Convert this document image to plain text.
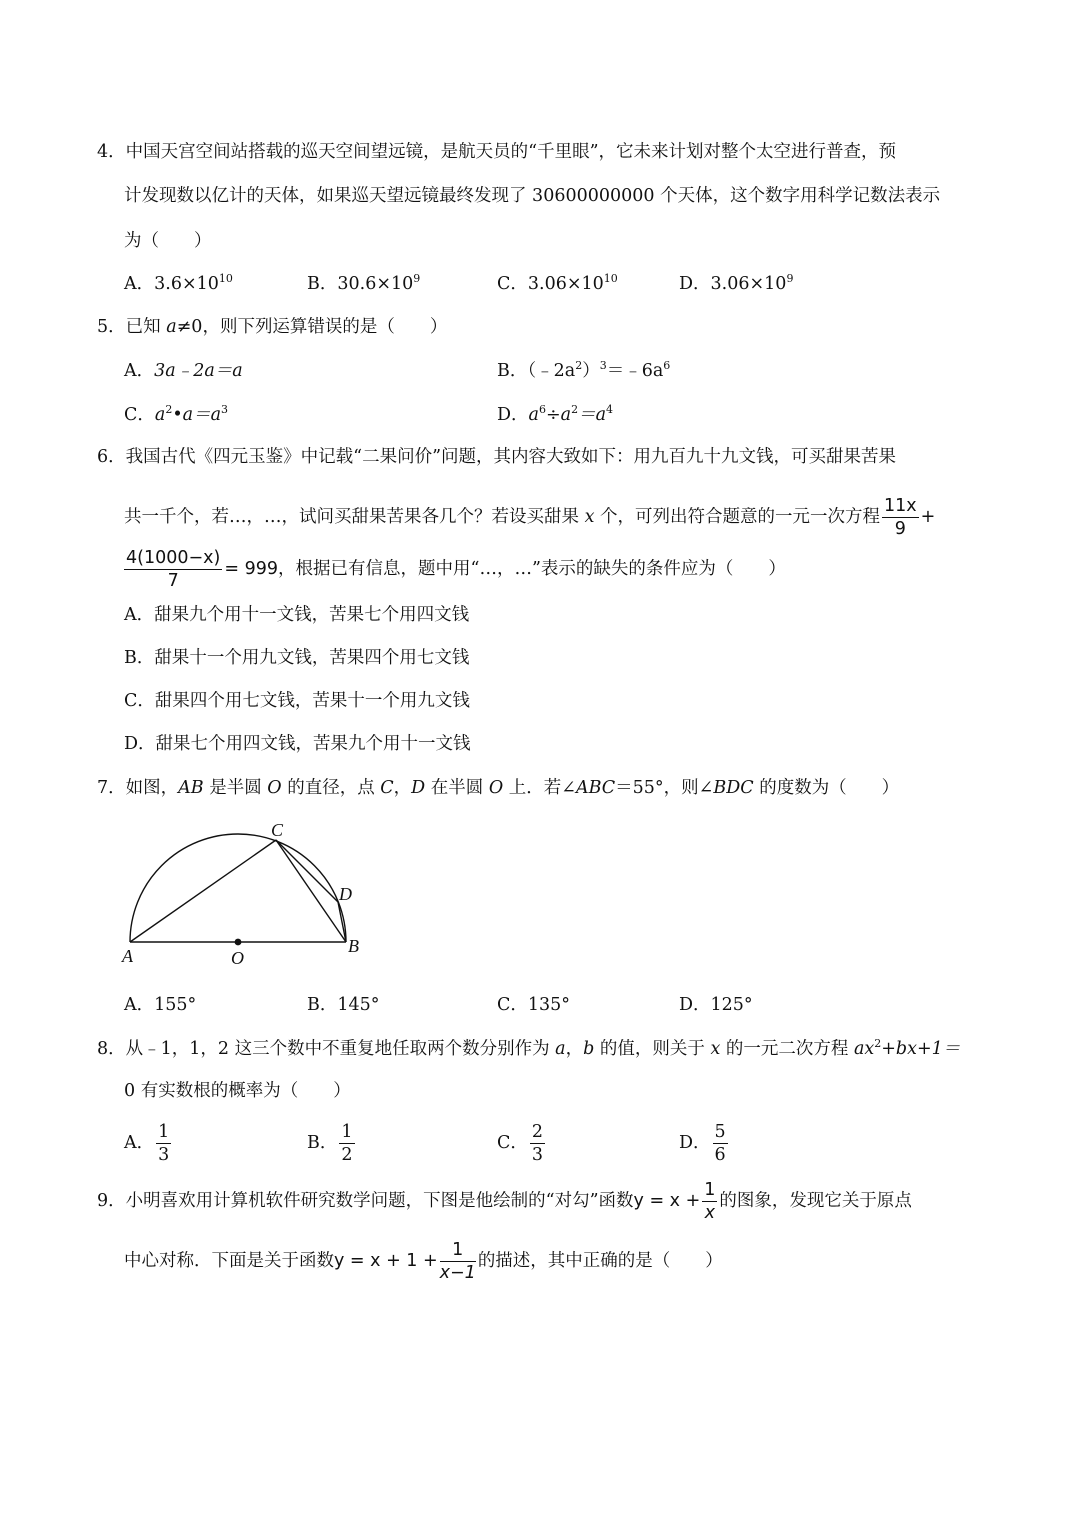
4．中国天宫空间站搭载的巡天空间望远镜，是航天员的“千里眼”，它未来计划对整个太空进行普查，预
计发现数以亿计的天体，如果巡天望远镜最终发现了 30600000000 个天体，这个数字用科学记数法表示
为（　　）
A．$3.6\times 10^{10}$	B．$30.6\times 10^9$	C．$3.06\times 10^{10}$	D．$3.06\times 10^9$
5．已知 a≠0，则下列运算错误的是（　　）
A．3a﹣2a＝a	B．$(﹣2a^2)^3=﹣6a^6$
C．$a^2•a=a^3$	D．$a^6\div a^2=a^4$
6．我国古代《四元玉鉴》中记载“二果问价”问题，其内容大致如下：用九百九十九文钱，可买甜果苦果
共一千个，若…，…，试问买甜果苦果各几个？若设买甜果 x 个，可列出符合题意的一元一次方程 $\frac{11x}{9}$ +
$\frac{4(1000-x)}{7} = 999$，根据已有信息，题中用“…，…”表示的缺失的条件应为（　　）
A．甜果九个用十一文钱，苦果七个用四文钱
B．甜果十一个用九文钱，苦果四个用七文钱
C．甜果四个用七文钱，苦果十一个用九文钱
D．甜果七个用四文钱，苦果九个用十一文钱
7．如图，AB 是半圆 O 的直径，点 C，D 在半圆 O 上．若∠ABC＝55°，则∠BDC 的度数为（　　）
A	B
C
D
O
A．155°	B．145°	C．135°	D．125°
8．从﹣1，1，2 这三个数中不重复地任取两个数分别作为 a，b 的值，则关于 x 的一元二次方程 $ax^2+bx+1=$
0 有实数根的概率为（　　）
A． $\frac{1}{3}$	B． $\frac{1}{2}$	C． $\frac{2}{3}$	D． $\frac{5}{6}$
9．小明喜欢用计算机软件研究数学问题，下图是他绘制的“对勾”函数$y = x + \frac{1}{x}$ 的图象，发现它关于原点
中心对称．下面是关于函数$y = x + 1 + \frac{1}{x-1}$ 的描述，其中正确的是（　　）
